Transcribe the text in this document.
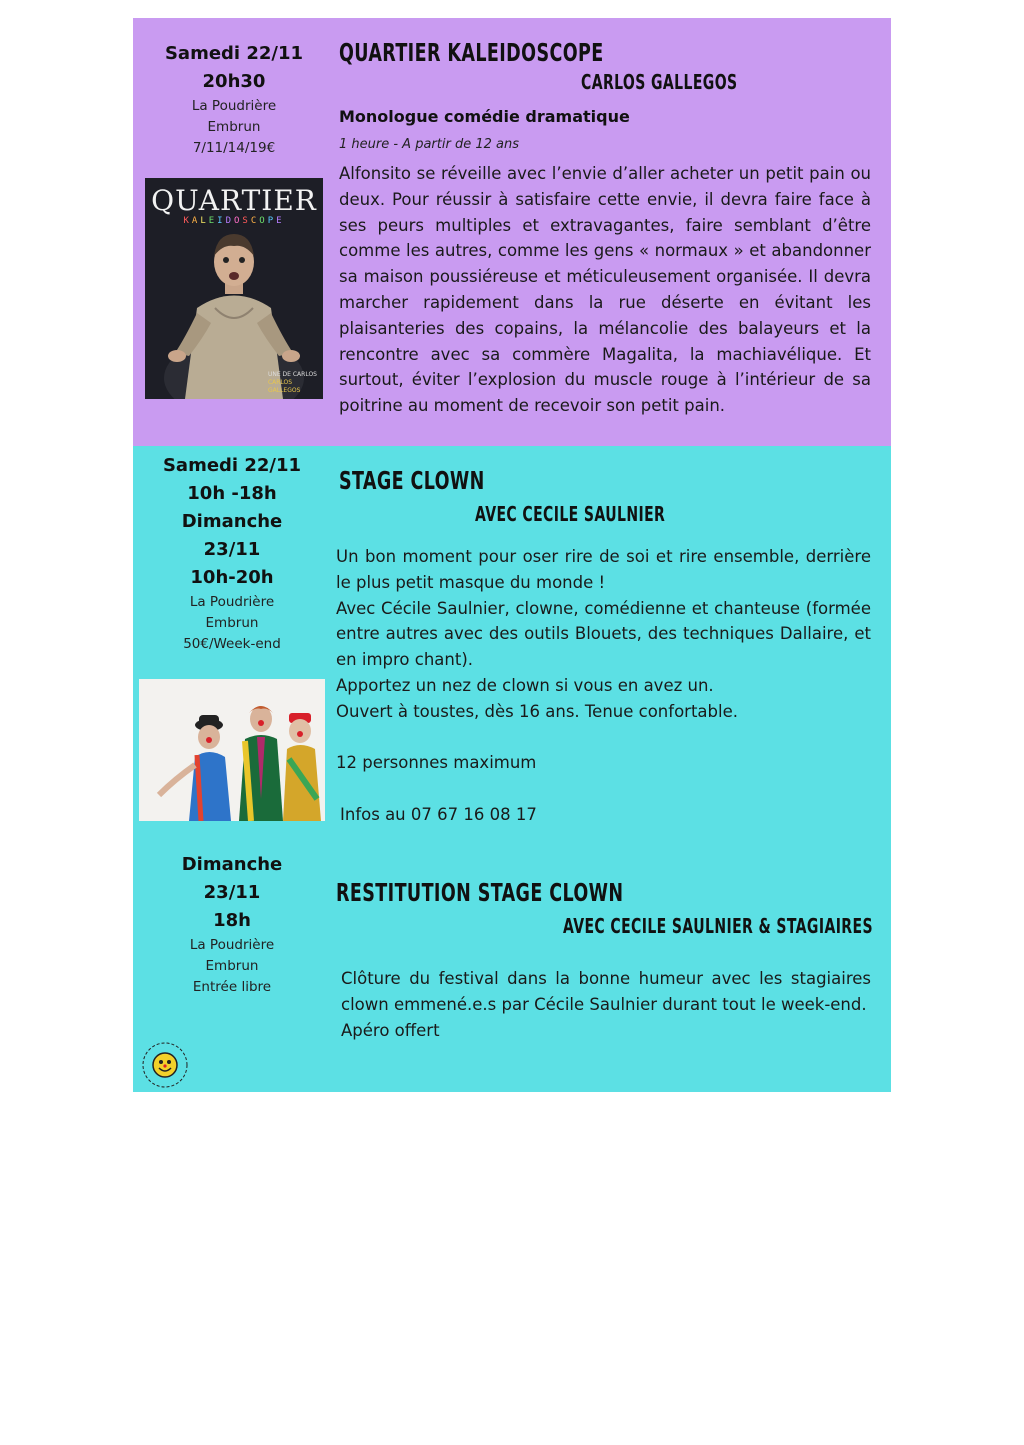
Samedi 22/11
20h30
La Poudrière
Embrun
7/11/14/19€
QUARTIER
KALEIDOSCOPE
UNE DE CARLOS
CARLOS
GALLEGOS
QUARTIER KALEIDOSCOPE
CARLOS GALLEGOS
Monologue comédie dramatique
1 heure - A partir de 12 ans

Alfonsito se réveille avec l’envie d’aller acheter un petit pain ou deux. Pour réussir à satisfaire cette envie, il devra faire face à ses peurs multiples et extravagantes, faire semblant d’être comme les autres, comme les gens « normaux » et abandonner sa maison poussiéreuse et méticuleusement organisée. Il devra marcher rapidement dans la rue déserte en évitant les plaisanteries des copains, la mélancolie des balayeurs et la rencontre avec sa commère Magalita, la machiavélique. Et surtout, éviter l’explosion du muscle rouge à l’intérieur de sa poitrine au moment de recevoir son petit pain.

Samedi 22/11
10h -18h
Dimanche 23/11
10h-20h
La Poudrière
Embrun
50€/Week-end
STAGE CLOWN
AVEC CECILE SAULNIER

Un bon moment pour oser rire de soi et rire ensemble, derrière le plus petit masque du monde !

Avec Cécile Saulnier, clowne, comédienne et chanteuse (formée entre autres avec des outils Blouets, des techniques Dallaire, et en impro chant).

Apportez un nez de clown si vous en avez un.

Ouvert à toustes, dès 16 ans. Tenue confortable.

12 personnes maximum

Infos au 07 67 16 08 17

Dimanche
23/11
18h
La Poudrière
Embrun
Entrée libre
RESTITUTION STAGE CLOWN
AVEC CECILE SAULNIER & STAGIAIRES

Clôture du festival dans la bonne humeur avec les stagiaires clown emmené.e.s par Cécile Saulnier durant tout le week-end.

Apéro offert
